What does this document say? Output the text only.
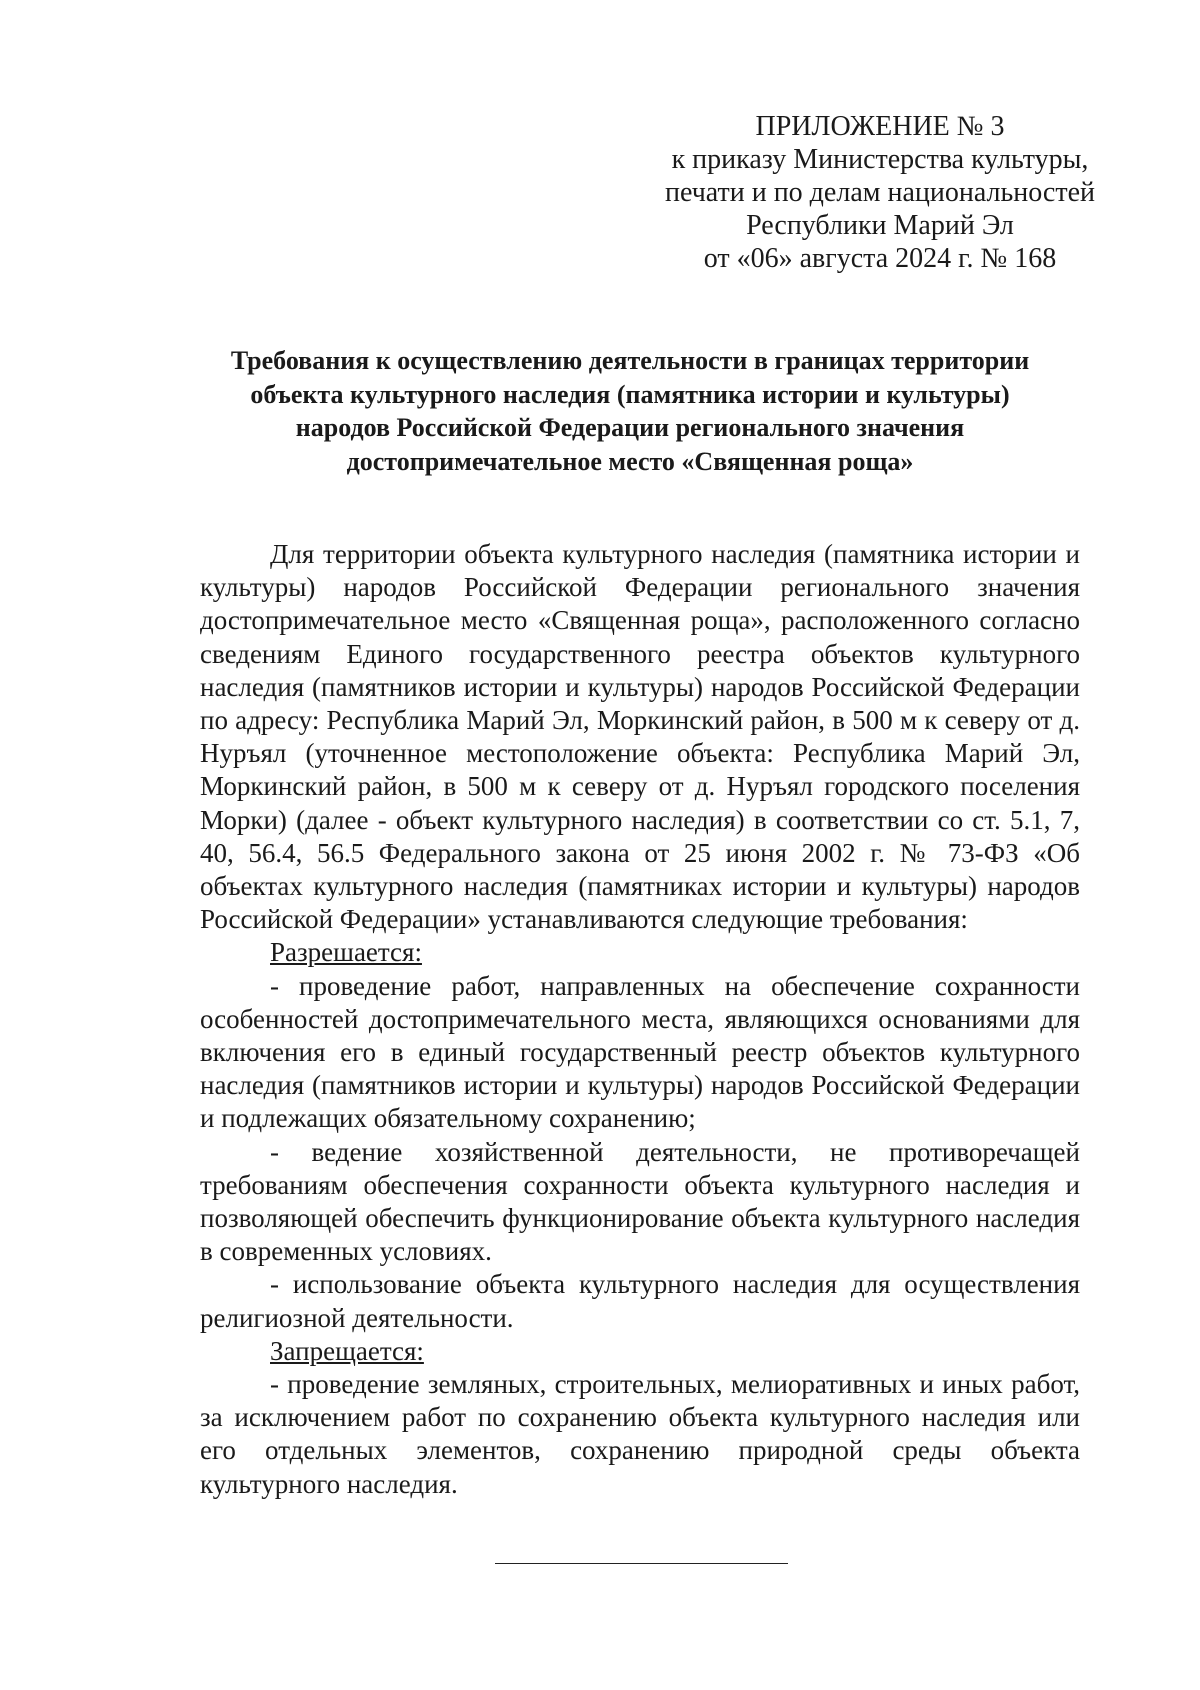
ПРИЛОЖЕНИЕ № 3
к приказу Министерства культуры,
печати и по делам национальностей
Республики Марий Эл
от «06» августа 2024 г. № 168
Требования к осуществлению деятельности в границах территории
объекта культурного наследия (памятника истории и культуры)
народов Российской Федерации регионального значения
достопримечательное место «Священная роща»

Для территории объекта культурного наследия (памятника истории и культуры) народов Российской Федерации регионального значения достопримечательное место «Священная роща», расположенного согласно сведениям Единого государственного реестра объектов культурного наследия (памятников истории и культуры) народов Российской Федерации по адресу: Республика Марий Эл, Моркинский район, в 500 м к северу от д. Нуръял (уточненное местоположение объекта: Республика Марий Эл, Моркинский район, в 500 м к северу от д. Нуръял городского поселения Морки) (далее - объект культурного наследия) в соответствии со ст. 5.1, 7, 40, 56.4, 56.5 Федерального закона от 25 июня 2002 г. № 73-ФЗ «Об объектах культурного наследия (памятниках истории и культуры) народов Российской Федерации» устанавливаются следующие требования:

Разрешается:

- проведение работ, направленных на обеспечение сохранности особенностей достопримечательного места, являющихся основаниями для включения его в единый государственный реестр объектов культурного наследия (памятников истории и культуры) народов Российской Федерации и подлежащих обязательному сохранению;

- ведение хозяйственной деятельности, не противоречащей требованиям обеспечения сохранности объекта культурного наследия и позволяющей обеспечить функционирование объекта культурного наследия в современных условиях.

- использование объекта культурного наследия для осуществления религиозной деятельности.

Запрещается:

- проведение земляных, строительных, мелиоративных и иных работ, за исключением работ по сохранению объекта культурного наследия или его отдельных элементов, сохранению природной среды объекта культурного наследия.
